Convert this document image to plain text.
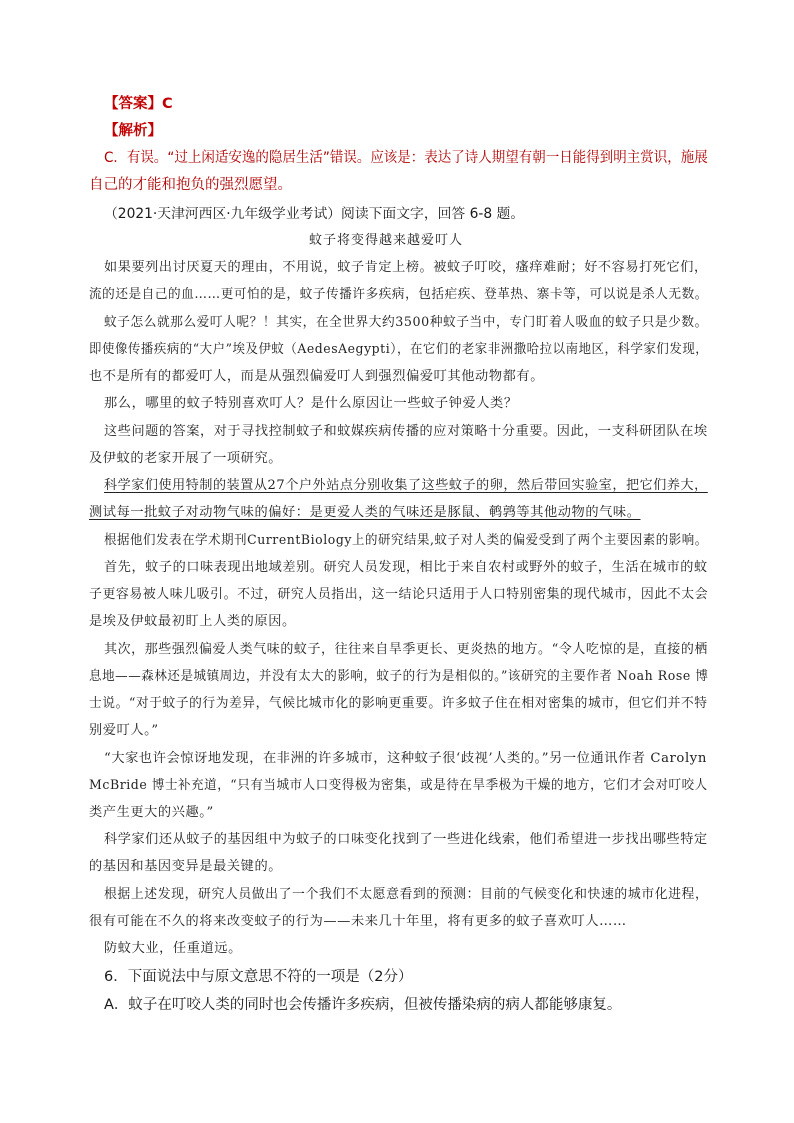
【答案】C
【解析】
C．有误。“过上闲适安逸的隐居生活”错误。应该是：表达了诗人期望有朝一日能得到明主赏识，施展
自己的才能和抱负的强烈愿望。
（2021·天津河西区·九年级学业考试）阅读下面文字，回答 6-8 题。
蚊子将变得越来越爱叮人
如果要列出讨厌夏天的理由，不用说，蚊子肯定上榜。被蚊子叮咬，瘙痒难耐；好不容易打死它们，
流的还是自己的血……更可怕的是，蚊子传播许多疾病，包括疟疾、登革热、寨卡等，可以说是杀人无数。
蚊子怎么就那么爱叮人呢？！其实，在全世界大约3500种蚊子当中，专门盯着人吸血的蚊子只是少数。
即使像传播疾病的“大户”埃及伊蚊（AedesAegypti），在它们的老家非洲撒哈拉以南地区，科学家们发现，
也不是所有的都爱叮人，而是从强烈偏爱叮人到强烈偏爱叮其他动物都有。
那么，哪里的蚊子特别喜欢叮人？是什么原因让一些蚊子钟爱人类？
这些问题的答案，对于寻找控制蚊子和蚊媒疾病传播的应对策略十分重要。因此，一支科研团队在埃
及伊蚊的老家开展了一项研究。
科学家们使用特制的装置从27个户外站点分别收集了这些蚊子的卵，然后带回实验室，把它们养大，
测试每一批蚊子对动物气味的偏好：是更爱人类的气味还是豚鼠、鹌鹑等其他动物的气味。
根据他们发表在学术期刊CurrentBiology上的研究结果,蚊子对人类的偏爱受到了两个主要因素的影响。
首先，蚊子的口味表现出地域差别。研究人员发现，相比于来自农村或野外的蚊子，生活在城市的蚊
子更容易被人味儿吸引。不过，研究人员指出，这一结论只适用于人口特别密集的现代城市，因此不太会
是埃及伊蚊最初盯上人类的原因。
其次，那些强烈偏爱人类气味的蚊子，往往来自旱季更长、更炎热的地方。“令人吃惊的是，直接的栖
息地——森林还是城镇周边，并没有太大的影响，蚊子的行为是相似的。”该研究的主要作者 Noah Rose 博
士说。“对于蚊子的行为差异，气候比城市化的影响更重要。许多蚊子住在相对密集的城市，但它们并不特
别爱叮人。”
“大家也许会惊讶地发现，在非洲的许多城市，这种蚊子很‘歧视’人类的。”另一位通讯作者 Carolyn
McBride 博士补充道，“只有当城市人口变得极为密集，或是待在旱季极为干燥的地方，它们才会对叮咬人
类产生更大的兴趣。”
科学家们还从蚊子的基因组中为蚊子的口味变化找到了一些进化线索，他们希望进一步找出哪些特定
的基因和基因变异是最关键的。
根据上述发现，研究人员做出了一个我们不太愿意看到的预测：目前的气候变化和快速的城市化进程，
很有可能在不久的将来改变蚊子的行为——未来几十年里，将有更多的蚊子喜欢叮人……
防蚊大业，任重道远。
6．下面说法中与原文意思不符的一项是（2分）
A．蚊子在叮咬人类的同时也会传播许多疾病，但被传播染病的病人都能够康复。
